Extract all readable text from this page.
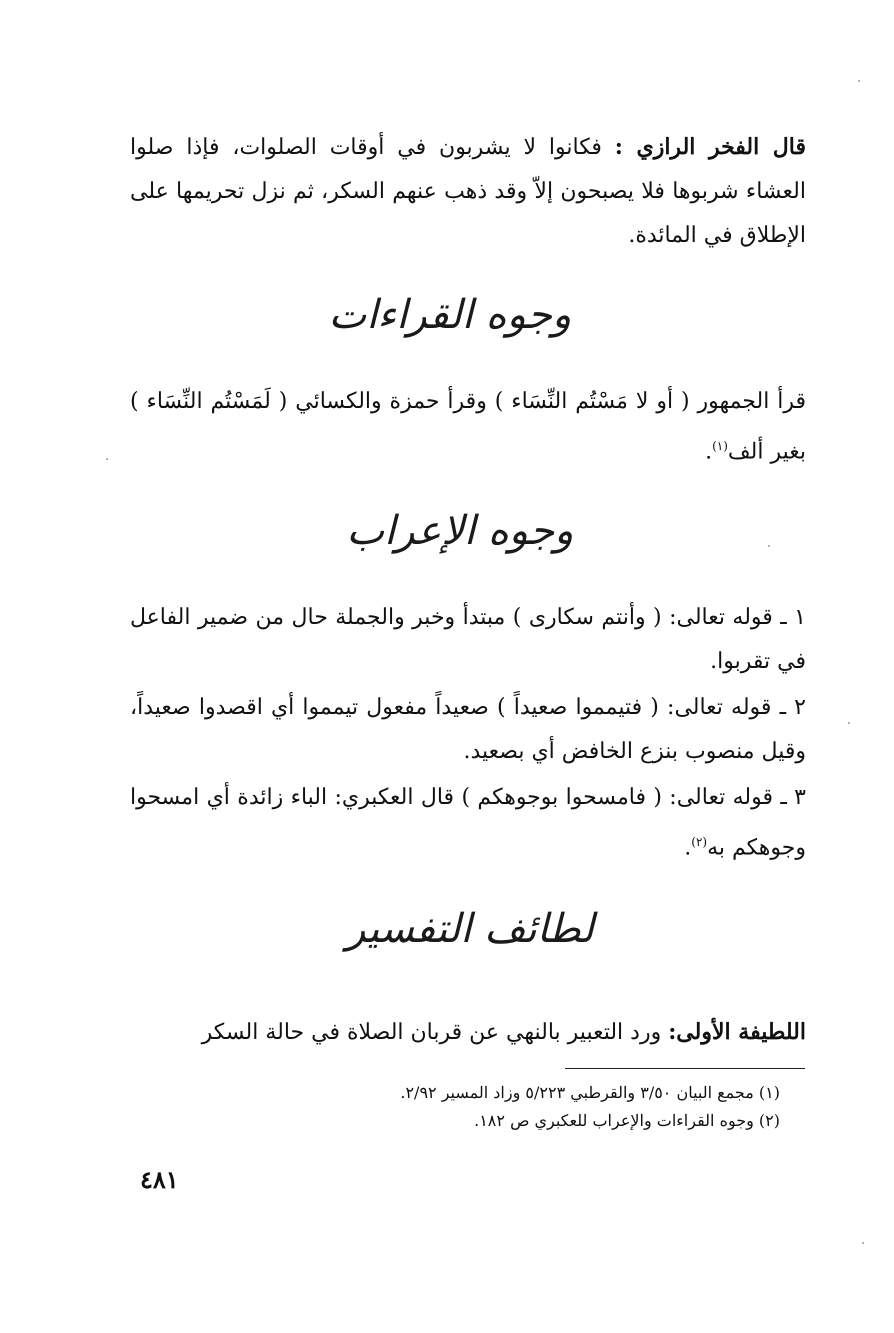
قال الفخر الرازي : فكانوا لا يشربون في أوقات الصلوات، فإذا صلوا العشاء شربوها فلا يصبحون إلاّ وقد ذهب عنهم السكر، ثم نزل تحريمها على الإطلاق في المائدة.
وجوه القراءات
قرأ الجمهور ( أو لا مَسْتُم النِّسَاء ) وقرأ حمزة والكسائي ( لَمَسْتُم النِّسَاء ) بغير ألف$^{(١)}$.
وجوه الإعراب
١ ـ قوله تعالى: ( وأنتم سكارى ) مبتدأ وخبر والجملة حال من ضمير الفاعل في تقربوا.
٢ ـ قوله تعالى: ( فتيمموا صعيداً ) صعيداً مفعول تيمموا أي اقصدوا صعيداً، وقيل منصوب بنزع الخافض أي بصعيد.
٣ ـ قوله تعالى: ( فامسحوا بوجوهكم ) قال العكبري: الباء زائدة أي امسحوا وجوهكم به$^{(٢)}$.
لطائف التفسير
اللطيفة الأولى: ورد التعبير بالنهي عن قربان الصلاة في حالة السكر
(١) مجمع البيان ٣/٥٠ والقرطبي ٥/٢٢٣ وزاد المسير ٢/٩٢.
(٢) وجوه القراءات والإعراب للعكبري ص ١٨٢.
٤٨١
